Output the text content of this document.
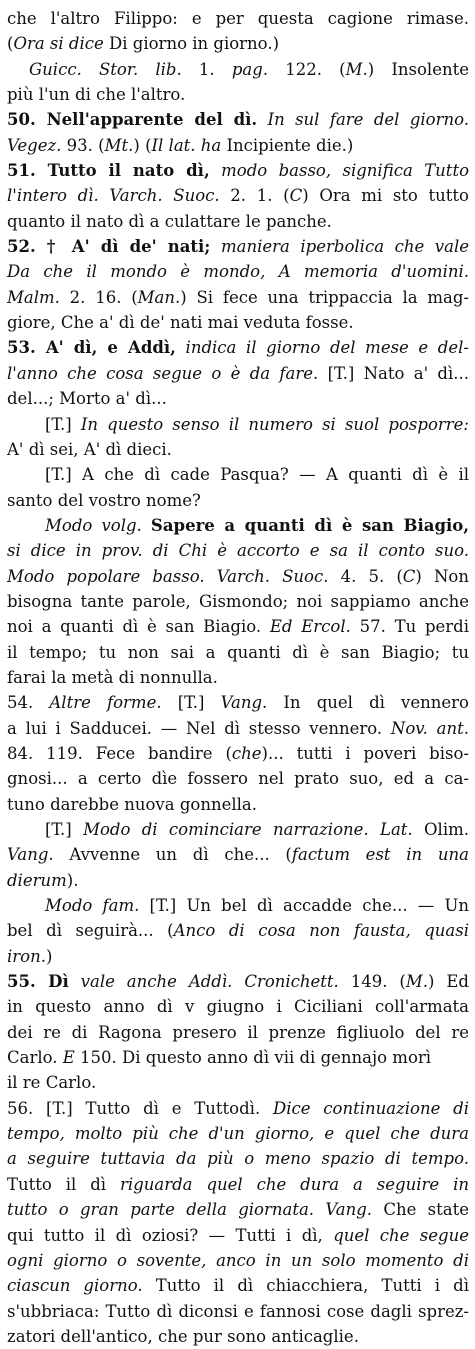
che l'altro Filippo: e per questa cagione rimase.
(Ora si dice Di giorno in giorno.)
Guicc. Stor. lib. 1. pag. 122. (M.) Insolente
più l'un di che l'altro.
50. Nell'apparente del dì. In sul fare del giorno.
Vegez. 93. (Mt.) (Il lat. ha Incipiente die.)
51. Tutto il nato dì, modo basso, significa Tutto
l'intero dì. Varch. Suoc. 2. 1. (C) Ora mi sto tutto
quanto il nato dì a culattare le panche.
52. † A' dì de' nati; maniera iperbolica che vale
Da che il mondo è mondo, A memoria d'uomini.
Malm. 2. 16. (Man.) Si fece una trippaccia la mag-
giore, Che a' dì de' nati mai veduta fosse.
53. A' dì, e Addì, indica il giorno del mese e del-
l'anno che cosa segue o è da fare. [T.] Nato a' dì...
del...; Morto a' dì...
[T.] In questo senso il numero si suol posporre:
A' dì sei, A' dì dieci.
[T.] A che dì cade Pasqua? — A quanti dì è il
santo del vostro nome?
Modo volg. Sapere a quanti dì è san Biagio,
si dice in prov. di Chi è accorto e sa il conto suo.
Modo popolare basso. Varch. Suoc. 4. 5. (C) Non
bisogna tante parole, Gismondo; noi sappiamo anche
noi a quanti dì è san Biagio. Ed Ercol. 57. Tu perdi
il tempo; tu non sai a quanti dì è san Biagio; tu
farai la metà di nonnulla.
54. Altre forme. [T.] Vang. In quel dì vennero
a lui i Sadducei. — Nel dì stesso vennero. Nov. ant.
84. 119. Fece bandire (che)... tutti i poveri biso-
gnosi... a certo dìe fossero nel prato suo, ed a ca-
tuno darebbe nuova gonnella.
[T.] Modo di cominciare narrazione. Lat. Olim.
Vang. Avvenne un dì che... (factum est in una
dierum).
Modo fam. [T.] Un bel dì accadde che... — Un
bel dì seguirà... (Anco di cosa non fausta, quasi
iron.)
55. Dì vale anche Addì. Cronichett. 149. (M.) Ed
in questo anno dì v giugno i Ciciliani coll'armata
dei re di Ragona presero il prenze figliuolo del re
Carlo. E 150. Di questo anno dì vii di gennajo morì
il re Carlo.
56. [T.] Tutto dì e Tuttodì. Dice continuazione di
tempo, molto più che d'un giorno, e quel che dura
a seguire tuttavia da più o meno spazio di tempo.
Tutto il dì riguarda quel che dura a seguire in
tutto o gran parte della giornata. Vang. Che state
qui tutto il dì oziosi? — Tutti i dì, quel che segue
ogni giorno o sovente, anco in un solo momento di
ciascun giorno. Tutto il dì chiacchiera, Tutti i dì
s'ubbriaca: Tutto dì diconsi e fannosi cose dagli sprez-
zatori dell'antico, che pur sono anticaglie.
